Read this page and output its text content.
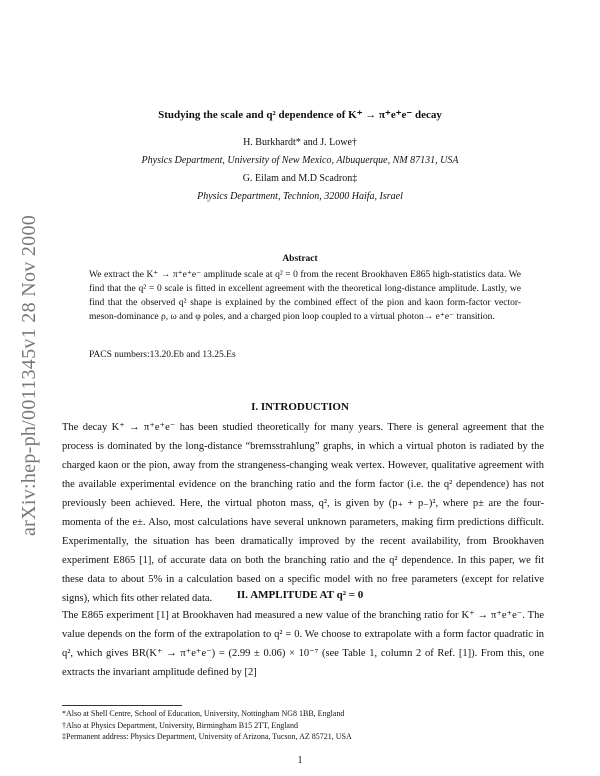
arXiv:hep-ph/0011345v1 28 Nov 2000
Studying the scale and q² dependence of K⁺ → π⁺e⁺e⁻ decay
H. Burkhardt* and J. Lowe†
Physics Department, University of New Mexico, Albuquerque, NM 87131, USA
G. Eilam and M.D Scadron‡
Physics Department, Technion, 32000 Haifa, Israel
Abstract

We extract the K⁺ → π⁺e⁺e⁻ amplitude scale at q² = 0 from the recent Brookhaven E865 high-statistics data. We find that the q² = 0 scale is fitted in excellent agreement with the theoretical long-distance amplitude. Lastly, we find that the observed q² shape is explained by the combined effect of the pion and kaon form-factor vector-meson-dominance ρ, ω and φ poles, and a charged pion loop coupled to a virtual photon→ e⁺e⁻ transition.

PACS numbers:13.20.Eb and 13.25.Es
I. INTRODUCTION

The decay K⁺ → π⁺e⁺e⁻ has been studied theoretically for many years. There is general agreement that the process is dominated by the long-distance “bremsstrahlung” graphs, in which a virtual photon is radiated by the charged kaon or the pion, away from the strangeness-changing weak vertex. However, qualitative agreement with the available experimental evidence on the branching ratio and the form factor (i.e. the q² dependence) has not previously been achieved. Here, the virtual photon mass, q², is given by (p₊ + p₋)², where p± are the four-momenta of the e±. Also, most calculations have several unknown parameters, making firm predictions difficult. Experimentally, the situation has been dramatically improved by the recent availability, from Brookhaven experiment E865 [1], of accurate data on both the branching ratio and the q² dependence. In this paper, we fit these data to about 5% in a calculation based on a specific model with no free parameters (except for relative signs), which fits other related data.	II. AMPLITUDE AT q² = 0

The E865 experiment [1] at Brookhaven had measured a new value of the branching ratio for K⁺ → π⁺e⁺e⁻. The value depends on the form of the extrapolation to q² = 0. We choose to extrapolate with a form factor quadratic in q², which gives BR(K⁺ → π⁺e⁺e⁻) = (2.99 ± 0.06) × 10⁻⁷ (see Table 1, column 2 of Ref. [1]). From this, one extracts the invariant amplitude defined by [2]

*Also at Shell Centre, School of Education, University, Nottingham NG8 1BB, England
†Also at Physics Department, University, Birmingham B15 2TT, England
‡Permanent address: Physics Department, University of Arizona, Tucson, AZ 85721, USA
1
